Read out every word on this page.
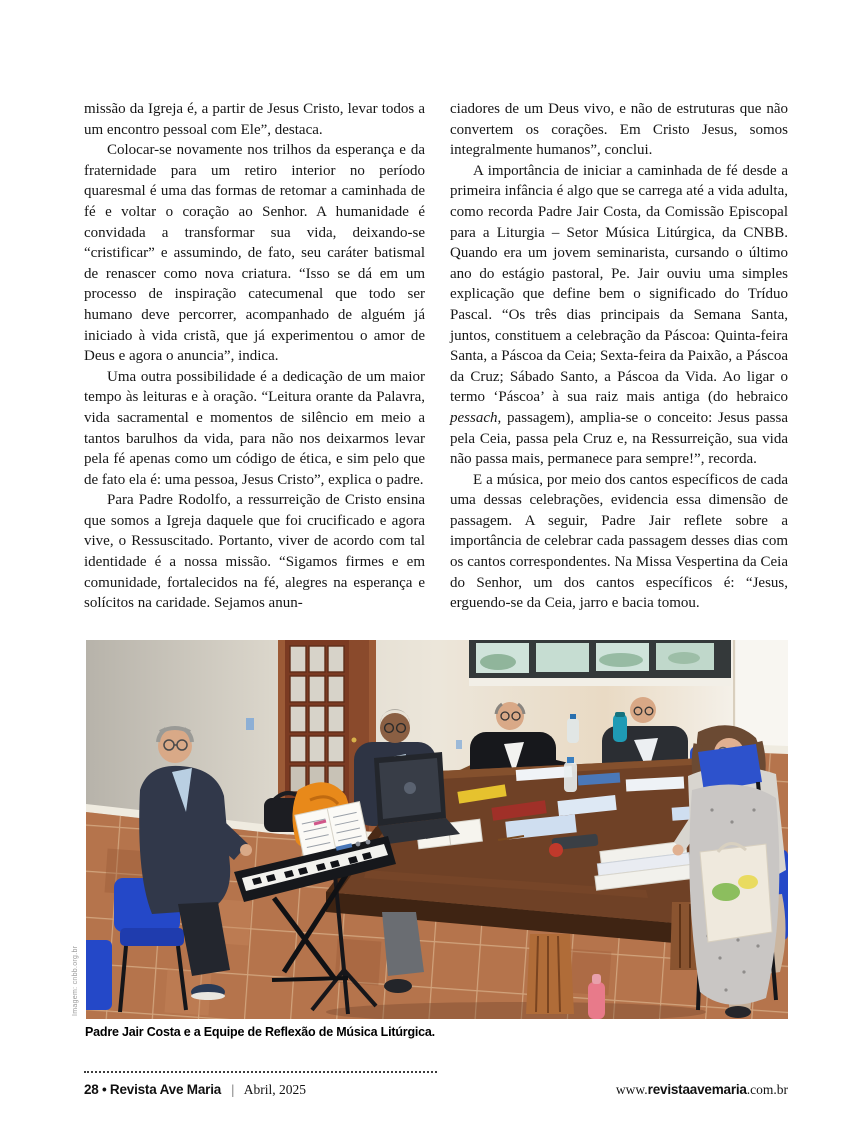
missão da Igreja é, a partir de Jesus Cristo, levar todos a um encontro pessoal com Ele”, destaca.

Colocar-se novamente nos trilhos da esperança e da fraternidade para um retiro interior no período quaresmal é uma das formas de retomar a caminhada de fé e voltar o coração ao Senhor. A humanidade é convidada a transformar sua vida, deixando-se “cristificar” e assumindo, de fato, seu caráter batismal de renascer como nova criatura. “Isso se dá em um processo de inspiração catecumenal que todo ser humano deve percorrer, acompanhado de alguém já iniciado à vida cristã, que já experimentou o amor de Deus e agora o anuncia”, indica.

Uma outra possibilidade é a dedicação de um maior tempo às leituras e à oração. “Leitura orante da Palavra, vida sacramental e momentos de silêncio em meio a tantos barulhos da vida, para não nos deixarmos levar pela fé apenas como um código de ética, e sim pelo que de fato ela é: uma pessoa, Jesus Cristo”, explica o padre.

Para Padre Rodolfo, a ressurreição de Cristo ensina que somos a Igreja daquele que foi crucificado e agora vive, o Ressuscitado. Portanto, viver de acordo com tal identidade é a nossa missão. “Sigamos firmes e em comunidade, fortalecidos na fé, alegres na esperança e solícitos na caridade. Sejamos anun-

ciadores de um Deus vivo, e não de estruturas que não convertem os corações. Em Cristo Jesus, somos integralmente humanos”, conclui.

A importância de iniciar a caminhada de fé desde a primeira infância é algo que se carrega até a vida adulta, como recorda Padre Jair Costa, da Comissão Episcopal para a Liturgia – Setor Música Litúrgica, da CNBB. Quando era um jovem seminarista, cursando o último ano do estágio pastoral, Pe. Jair ouviu uma simples explicação que define bem o significado do Tríduo Pascal. “Os três dias principais da Semana Santa, juntos, constituem a celebração da Páscoa: Quinta-feira Santa, a Páscoa da Ceia; Sexta-feira da Paixão, a Páscoa da Cruz; Sábado Santo, a Páscoa da Vida. Ao ligar o termo ‘Páscoa’ à sua raiz mais antiga (do hebraico pessach, passagem), amplia-se o conceito: Jesus passa pela Ceia, passa pela Cruz e, na Ressurreição, sua vida não passa mais, permanece para sempre!”, recorda.

E a música, por meio dos cantos específicos de cada uma dessas celebrações, evidencia essa dimensão de passagem. A seguir, Padre Jair reflete sobre a importância de celebrar cada passagem desses dias com os cantos correspondentes. Na Missa Vespertina da Ceia do Senhor, um dos cantos específicos é: “Jesus, erguendo-se da Ceia, jarro e bacia tomou.

Imagem: cnbb.org.br
Padre Jair Costa e a Equipe de Reflexão de Música Litúrgica.
28 • Revista Ave Maria | Abril, 2025	www.revistaavemaria.com.br
